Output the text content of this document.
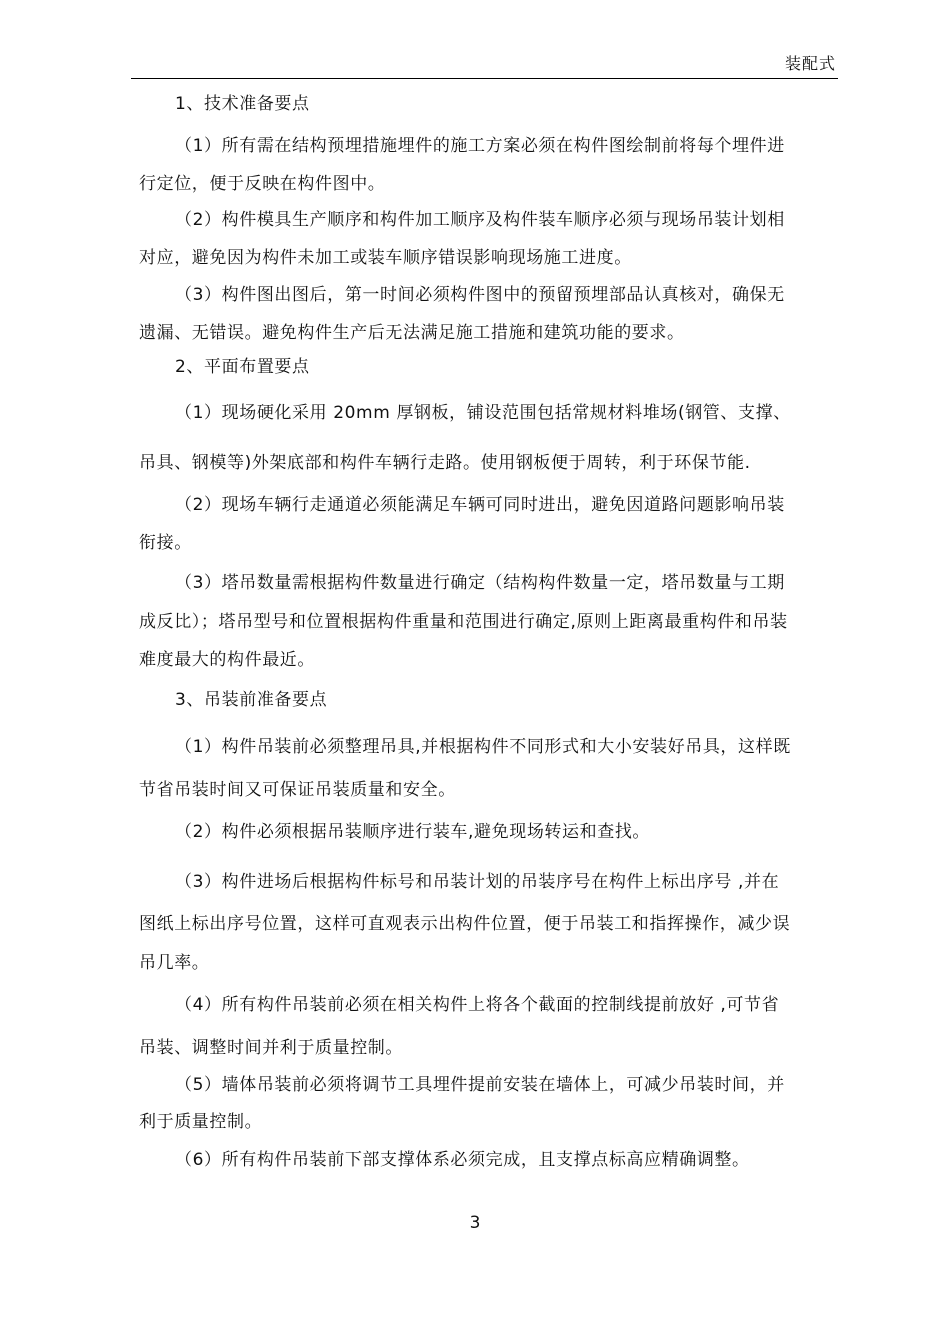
装配式
1、技术准备要点
（1）所有需在结构预埋措施埋件的施工方案必须在构件图绘制前将每个埋件进
行定位，便于反映在构件图中。
（2）构件模具生产顺序和构件加工顺序及构件装车顺序必须与现场吊装计划相
对应，避免因为构件未加工或装车顺序错误影响现场施工进度。
（3）构件图出图后，第一时间必须构件图中的预留预埋部品认真核对，确保无
遗漏、无错误。避免构件生产后无法满足施工措施和建筑功能的要求。
2、平面布置要点
（1）现场硬化采用 20mm 厚钢板，铺设范围包括常规材料堆场(钢管、支撑、
吊具、钢模等)外架底部和构件车辆行走路。使用钢板便于周转，利于环保节能.
（2）现场车辆行走通道必须能满足车辆可同时进出，避免因道路问题影响吊装
衔接。
（3）塔吊数量需根据构件数量进行确定（结构构件数量一定，塔吊数量与工期
成反比）；塔吊型号和位置根据构件重量和范围进行确定,原则上距离最重构件和吊装
难度最大的构件最近。
3、吊装前准备要点
（1）构件吊装前必须整理吊具,并根据构件不同形式和大小安装好吊具，这样既
节省吊装时间又可保证吊装质量和安全。
（2）构件必须根据吊装顺序进行装车,避免现场转运和查找。
（3）构件进场后根据构件标号和吊装计划的吊装序号在构件上标出序号 ,并在
图纸上标出序号位置，这样可直观表示出构件位置，便于吊装工和指挥操作，减少误
吊几率。
（4）所有构件吊装前必须在相关构件上将各个截面的控制线提前放好 ,可节省
吊装、调整时间并利于质量控制。
（5）墙体吊装前必须将调节工具埋件提前安装在墙体上，可减少吊装时间，并
利于质量控制。
（6）所有构件吊装前下部支撑体系必须完成，且支撑点标高应精确调整。
3
